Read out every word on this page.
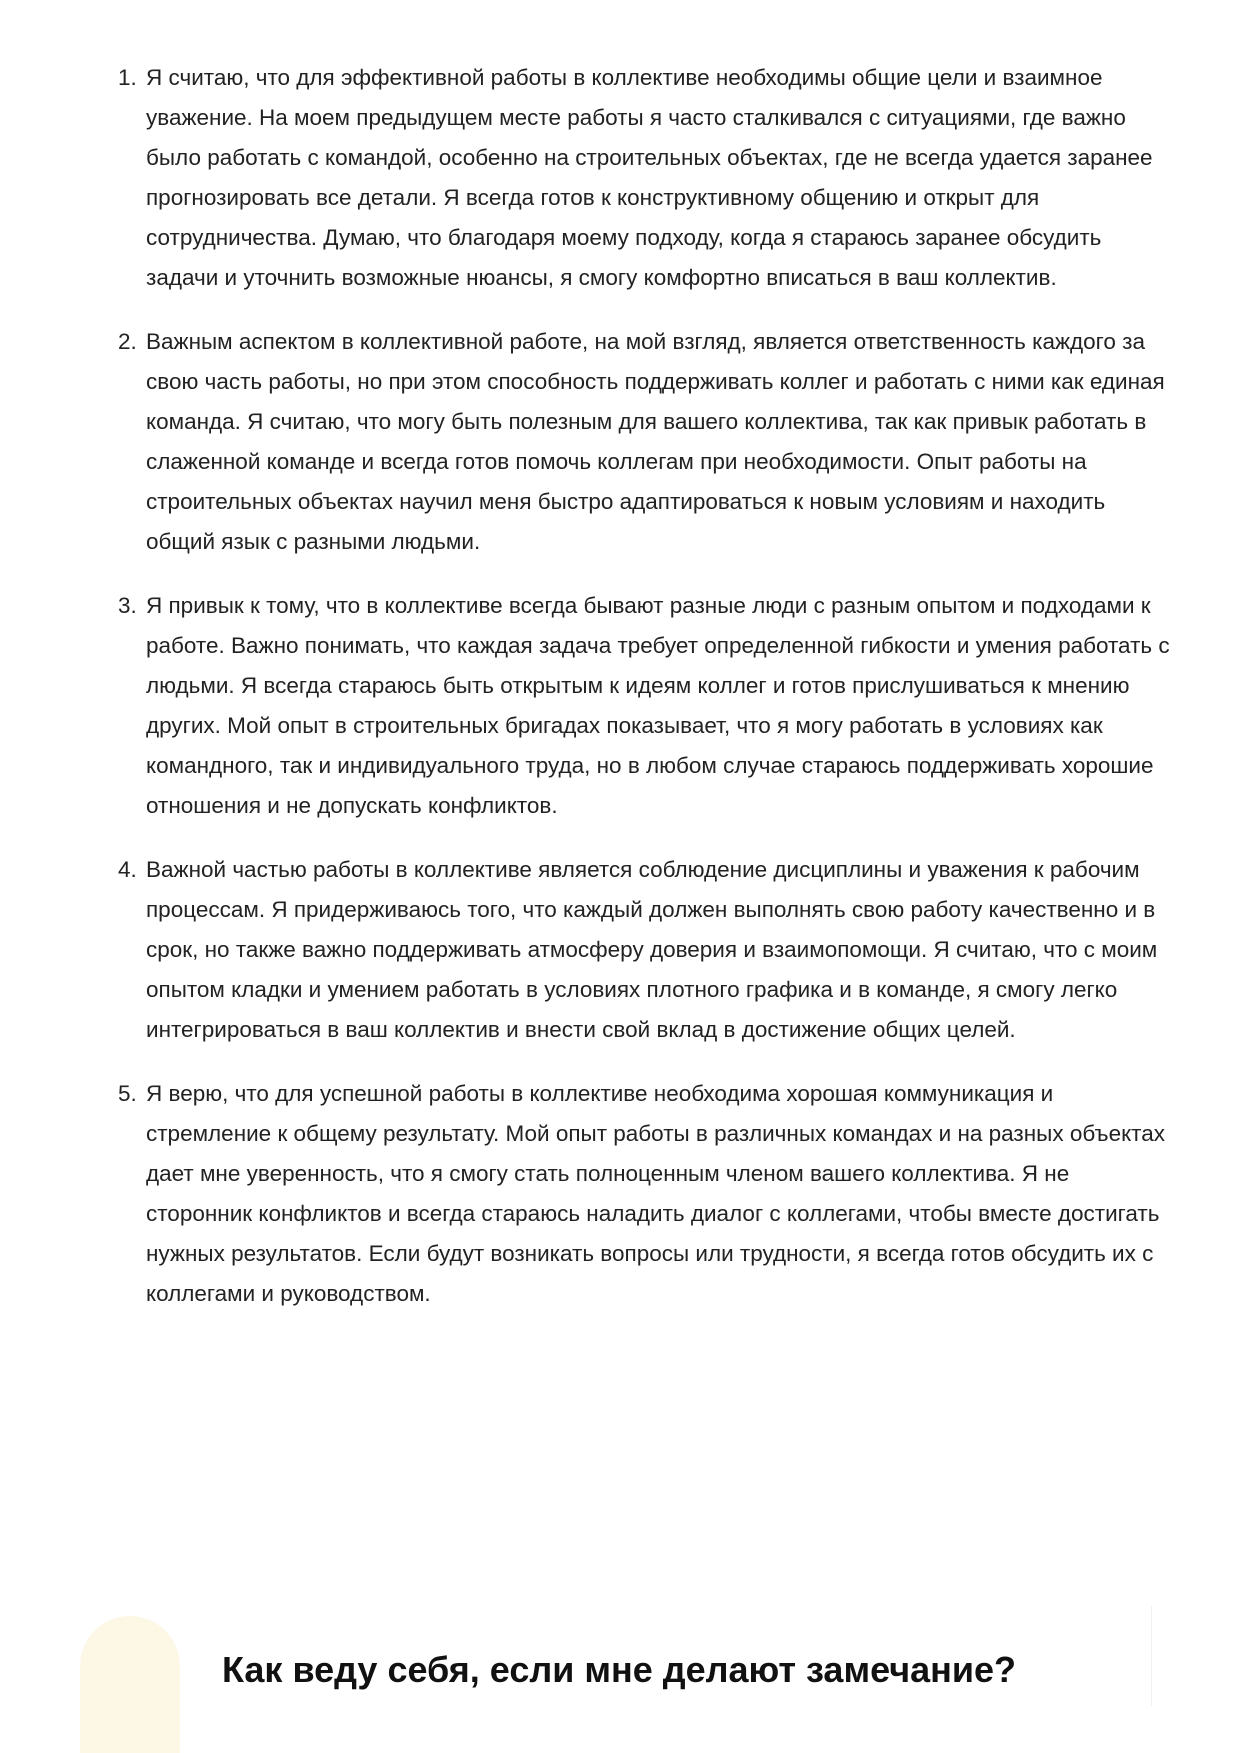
1. Я считаю, что для эффективной работы в коллективе необходимы общие цели и взаимное уважение. На моем предыдущем месте работы я часто сталкивался с ситуациями, где важно было работать с командой, особенно на строительных объектах, где не всегда удается заранее прогнозировать все детали. Я всегда готов к конструктивному общению и открыт для сотрудничества. Думаю, что благодаря моему подходу, когда я стараюсь заранее обсудить задачи и уточнить возможные нюансы, я смогу комфортно вписаться в ваш коллектив.
2. Важным аспектом в коллективной работе, на мой взгляд, является ответственность каждого за свою часть работы, но при этом способность поддерживать коллег и работать с ними как единая команда. Я считаю, что могу быть полезным для вашего коллектива, так как привык работать в слаженной команде и всегда готов помочь коллегам при необходимости. Опыт работы на строительных объектах научил меня быстро адаптироваться к новым условиям и находить общий язык с разными людьми.
3. Я привык к тому, что в коллективе всегда бывают разные люди с разным опытом и подходами к работе. Важно понимать, что каждая задача требует определенной гибкости и умения работать с людьми. Я всегда стараюсь быть открытым к идеям коллег и готов прислушиваться к мнению других. Мой опыт в строительных бригадах показывает, что я могу работать в условиях как командного, так и индивидуального труда, но в любом случае стараюсь поддерживать хорошие отношения и не допускать конфликтов.
4. Важной частью работы в коллективе является соблюдение дисциплины и уважения к рабочим процессам. Я придерживаюсь того, что каждый должен выполнять свою работу качественно и в срок, но также важно поддерживать атмосферу доверия и взаимопомощи. Я считаю, что с моим опытом кладки и умением работать в условиях плотного графика и в команде, я смогу легко интегрироваться в ваш коллектив и внести свой вклад в достижение общих целей.
5. Я верю, что для успешной работы в коллективе необходима хорошая коммуникация и стремление к общему результату. Мой опыт работы в различных командах и на разных объектах дает мне уверенность, что я смогу стать полноценным членом вашего коллектива. Я не сторонник конфликтов и всегда стараюсь наладить диалог с коллегами, чтобы вместе достигать нужных результатов. Если будут возникать вопросы или трудности, я всегда готов обсудить их с коллегами и руководством.
Как веду себя, если мне делают замечание?
